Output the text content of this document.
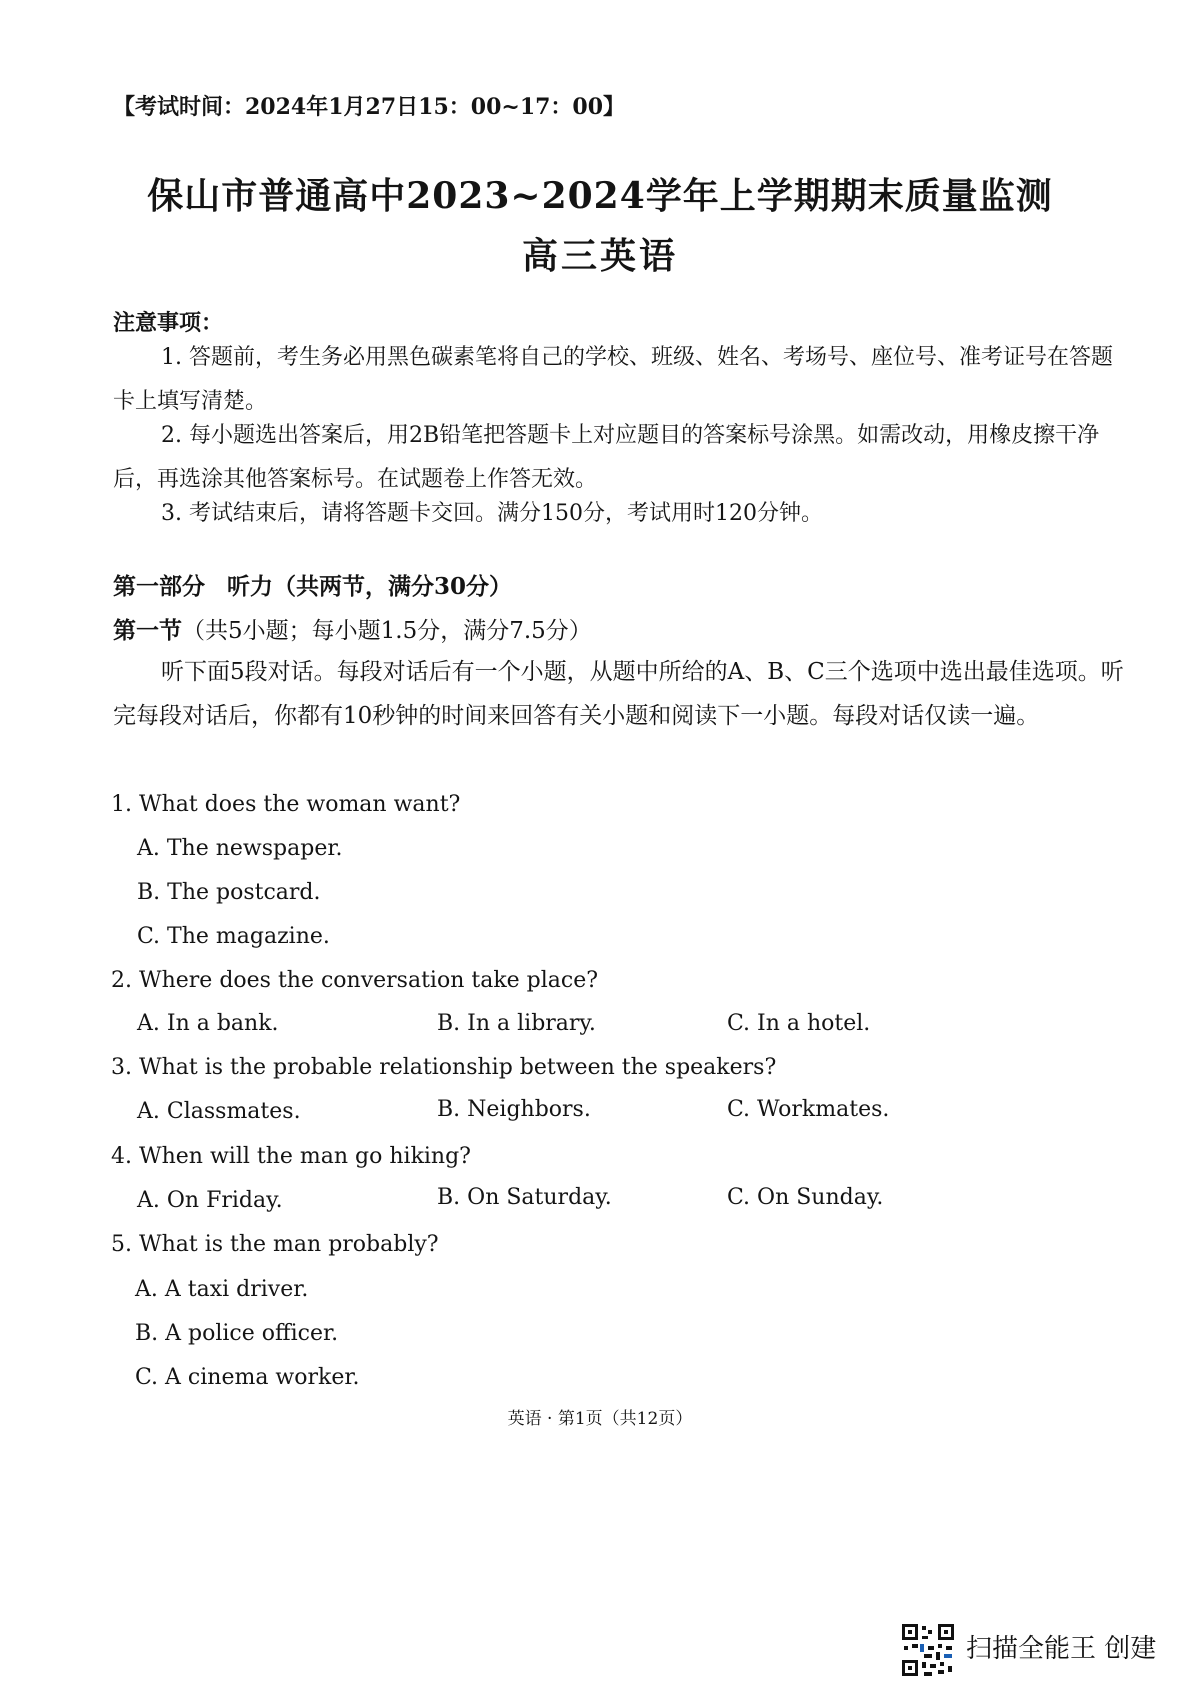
【考试时间：2024年1月27日15：00~17：00】
保山市普通高中2023~2024学年上学期期末质量监测
高三英语
注意事项：
1. 答题前，考生务必用黑色碳素笔将自己的学校、班级、姓名、考场号、座位号、准考证号在答题卡上填写清楚。
2. 每小题选出答案后，用2B铅笔把答题卡上对应题目的答案标号涂黑。如需改动，用橡皮擦干净后，再选涂其他答案标号。在试题卷上作答无效。
3. 考试结束后，请将答题卡交回。满分150分，考试用时120分钟。
第一部分 听力（共两节，满分30分）
第一节（共5小题；每小题1.5分，满分7.5分）
听下面5段对话。每段对话后有一个小题，从题中所给的A、B、C三个选项中选出最佳选项。听完每段对话后，你都有10秒钟的时间来回答有关小题和阅读下一小题。每段对话仅读一遍。
1. What does the woman want?
A. The newspaper.
B. The postcard.
C. The magazine.
2. Where does the conversation take place?
A. In a bank.	B. In a library.	C. In a hotel.
3. What is the probable relationship between the speakers?
A. Classmates.	B. Neighbors.	C. Workmates.
4. When will the man go hiking?
A. On Friday.	B. On Saturday.	C. On Sunday.
5. What is the man probably?
A. A taxi driver.
B. A police officer.
C. A cinema worker.
英语 · 第1页（共12页）
扫描全能王 创建
